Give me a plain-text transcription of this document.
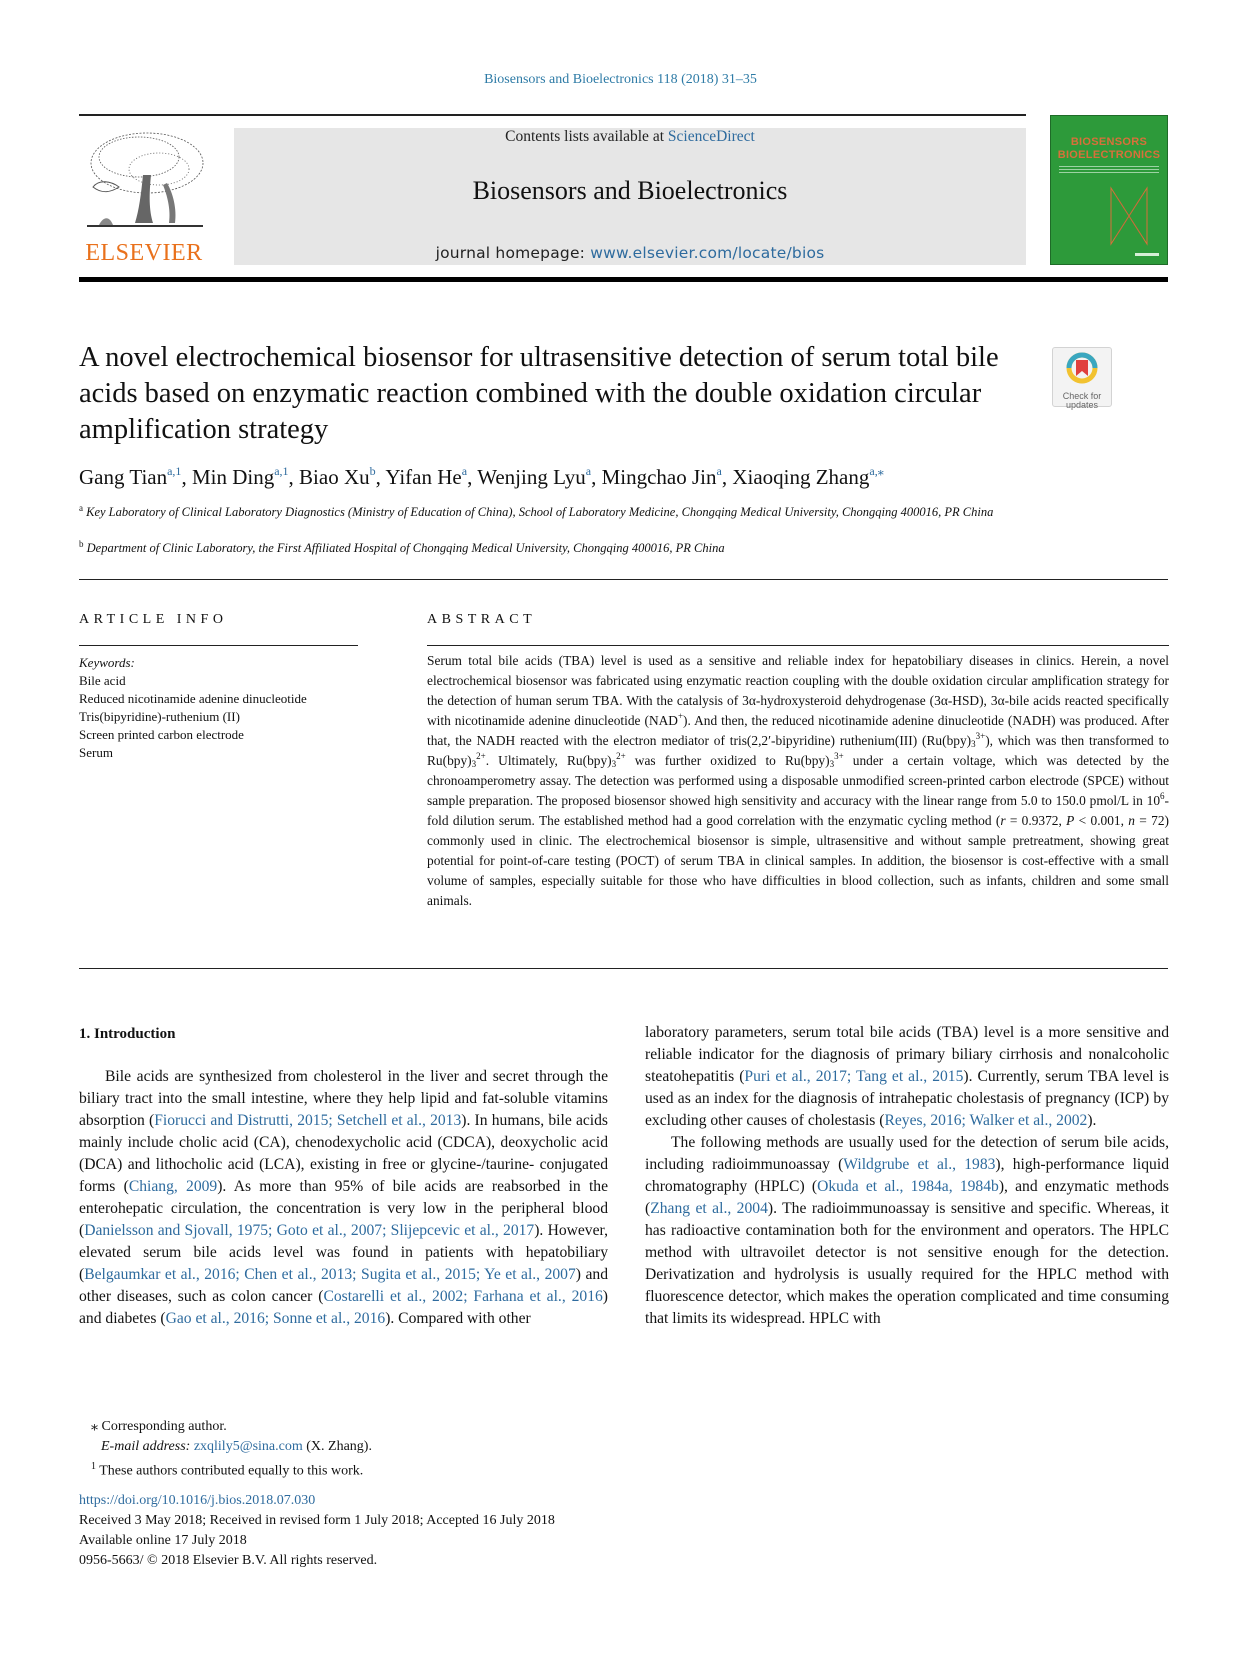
Biosensors and Bioelectronics 118 (2018) 31–35
ELSEVIER
Contents lists available at ScienceDirect
Biosensors and Bioelectronics
journal homepage: www.elsevier.com/locate/bios
BIOSENSORS
BIOELECTRONICS
A novel electrochemical biosensor for ultrasensitive detection of serum total bile acids based on enzymatic reaction combined with the double oxidation circular amplification strategy
Check for
updates
Gang Tian$^{a,1}$, Min Ding$^{a,1}$, Biao Xu$^b$, Yifan He$^a$, Wenjing Lyu$^a$, Mingchao Jin$^a$, Xiaoqing Zhang$^{a,⁎}$
$^a$ Key Laboratory of Clinical Laboratory Diagnostics (Ministry of Education of China), School of Laboratory Medicine, Chongqing Medical University, Chongqing 400016, PR China
$^b$ Department of Clinic Laboratory, the First Affiliated Hospital of Chongqing Medical University, Chongqing 400016, PR China
ARTICLE INFO	ABSTRACT
Keywords:
Bile acid
Reduced nicotinamide adenine dinucleotide
Tris(bipyridine)-ruthenium (II)
Screen printed carbon electrode
Serum
Serum total bile acids (TBA) level is used as a sensitive and reliable index for hepatobiliary diseases in clinics. Herein, a novel electrochemical biosensor was fabricated using enzymatic reaction coupling with the double oxidation circular amplification strategy for the detection of human serum TBA. With the catalysis of 3α-hydroxysteroid dehydrogenase (3α-HSD), 3α-bile acids reacted specifically with nicotinamide adenine dinucleotide (NAD+). And then, the reduced nicotinamide adenine dinucleotide (NADH) was produced. After that, the NADH reacted with the electron mediator of tris(2,2′-bipyridine) ruthenium(III) $(Ru(bpy)_3^{3+})$, which was then transformed to $Ru(bpy)_3^{2+}$. Ultimately, $Ru(bpy)_3^{2+}$ was further oxidized to $Ru(bpy)_3^{3+}$ under a certain voltage, which was detected by the chronoamperometry assay. The detection was performed using a disposable unmodified screen-printed carbon electrode (SPCE) without sample preparation. The proposed biosensor showed high sensitivity and accuracy with the linear range from 5.0 to 150.0 pmol/L in $10^6$-fold dilution serum. The established method had a good correlation with the enzymatic cycling method (r = 0.9372, P < 0.001, n = 72) commonly used in clinic. The electrochemical biosensor is simple, ultrasensitive and without sample pretreatment, showing great potential for point-of-care testing (POCT) of serum TBA in clinical samples. In addition, the biosensor is cost-effective with a small volume of samples, especially suitable for those who have difficulties in blood collection, such as infants, children and some small animals.
1. Introduction

Bile acids are synthesized from cholesterol in the liver and secret through the biliary tract into the small intestine, where they help lipid and fat-soluble vitamins absorption (Fiorucci and Distrutti, 2015; Setchell et al., 2013). In humans, bile acids mainly include cholic acid (CA), chenodexycholic acid (CDCA), deoxycholic acid (DCA) and lithocholic acid (LCA), existing in free or glycine-/taurine- conjugated forms (Chiang, 2009). As more than 95% of bile acids are reabsorbed in the enterohepatic circulation, the concentration is very low in the peripheral blood (Danielsson and Sjovall, 1975; Goto et al., 2007; Slijepcevic et al., 2017). However, elevated serum bile acids level was found in patients with hepatobiliary (Belgaumkar et al., 2016; Chen et al., 2013; Sugita et al., 2015; Ye et al., 2007) and other diseases, such as colon cancer (Costarelli et al., 2002; Farhana et al., 2016) and diabetes (Gao et al., 2016; Sonne et al., 2016). Compared with other

laboratory parameters, serum total bile acids (TBA) level is a more sensitive and reliable indicator for the diagnosis of primary biliary cirrhosis and nonalcoholic steatohepatitis (Puri et al., 2017; Tang et al., 2015). Currently, serum TBA level is used as an index for the diagnosis of intrahepatic cholestasis of pregnancy (ICP) by excluding other causes of cholestasis (Reyes, 2016; Walker et al., 2002).

The following methods are usually used for the detection of serum bile acids, including radioimmunoassay (Wildgrube et al., 1983), high-performance liquid chromatography (HPLC) (Okuda et al., 1984a, 1984b), and enzymatic methods (Zhang et al., 2004). The radioimmunoassay is sensitive and specific. Whereas, it has radioactive contamination both for the environment and operators. The HPLC method with ultravoilet detector is not sensitive enough for the detection. Derivatization and hydrolysis is usually required for the HPLC method with fluorescence detector, which makes the operation complicated and time consuming that limits its widespread. HPLC with

⁎ Corresponding author.
E-mail address: zxqlily5@sina.com (X. Zhang).
$^1$ These authors contributed equally to this work.
https://doi.org/10.1016/j.bios.2018.07.030
Received 3 May 2018; Received in revised form 1 July 2018; Accepted 16 July 2018
Available online 17 July 2018
0956-5663/ © 2018 Elsevier B.V. All rights reserved.
